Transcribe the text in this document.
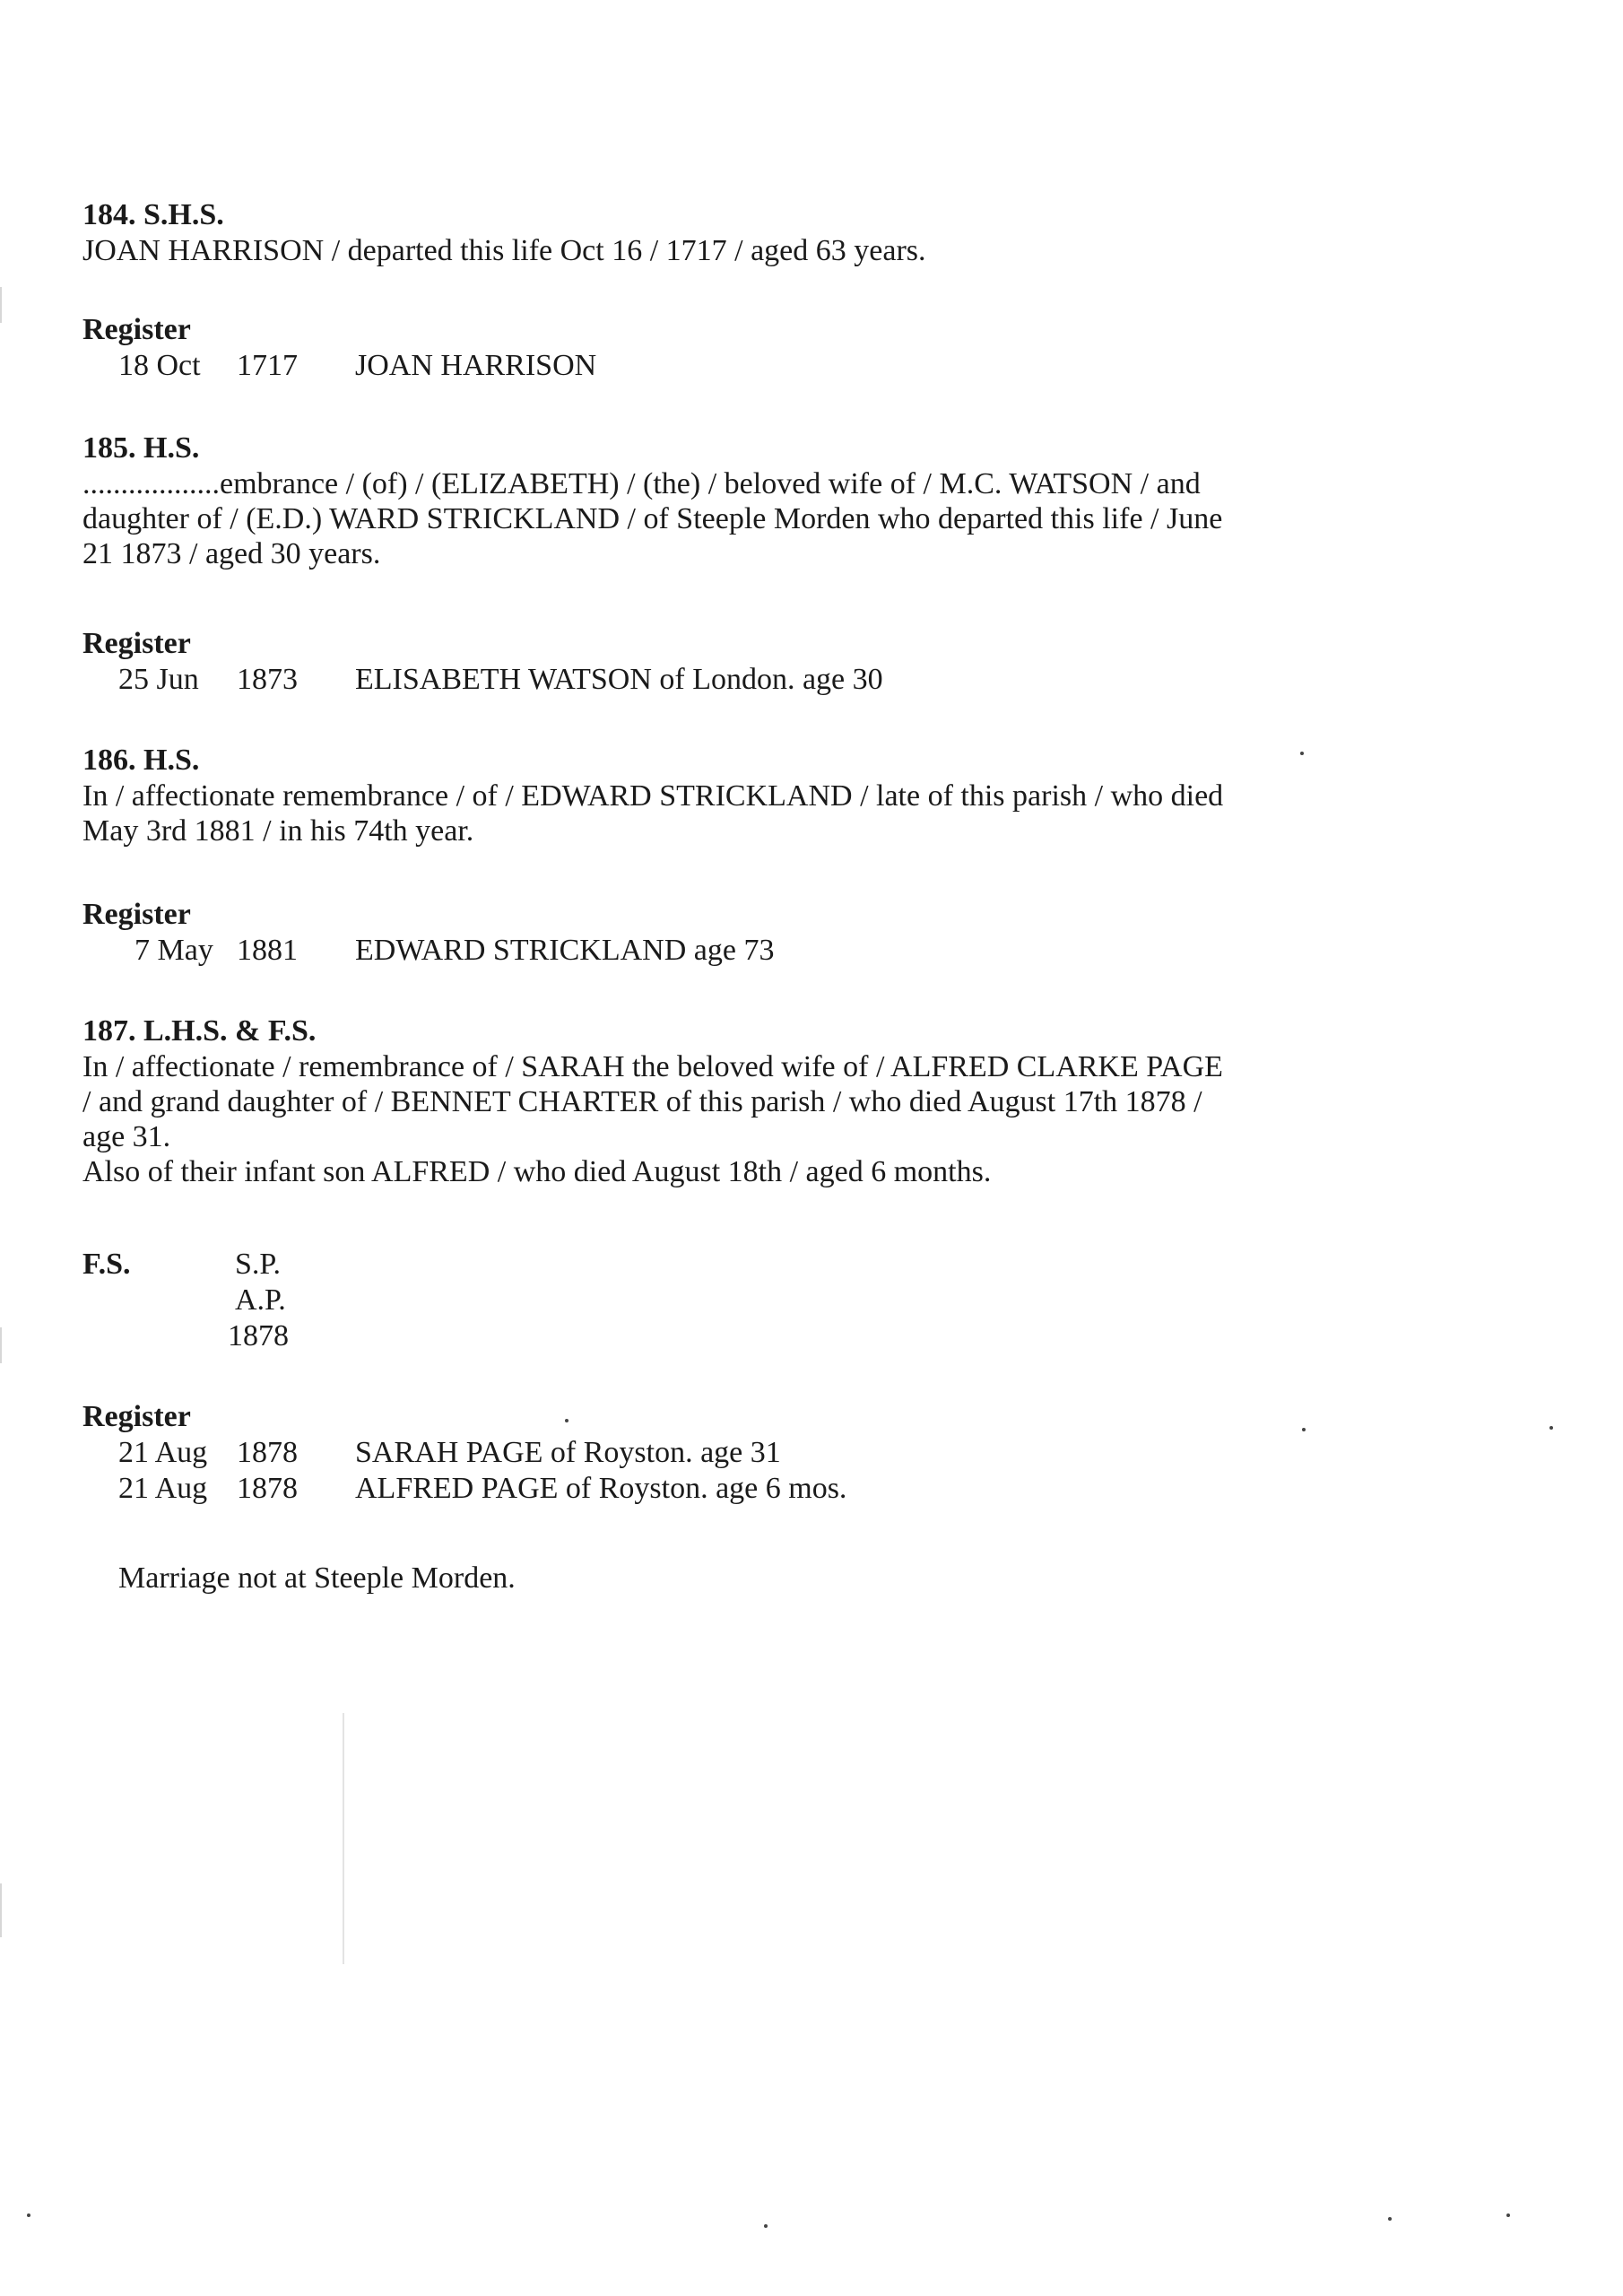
184. S.H.S.

JOAN HARRISON / departed this life Oct 16 / 1717 / aged 63 years.

Register

18 Oct 1717 JOAN HARRISON

185. H.S.

..................embrance / (of) / (ELIZABETH) / (the) / beloved wife of / M.C. WATSON / and

daughter of / (E.D.) WARD STRICKLAND / of Steeple Morden who departed this life / June

21 1873 / aged 30 years.

Register

25 Jun 1873 ELISABETH WATSON of London. age 30

186. H.S.

In / affectionate remembrance / of / EDWARD STRICKLAND / late of this parish / who died

May 3rd 1881 / in his 74th year.

Register

7 May 1881 EDWARD STRICKLAND age 73

187. L.H.S. & F.S.

In / affectionate / remembrance of / SARAH the beloved wife of / ALFRED CLARKE PAGE

/ and grand daughter of / BENNET CHARTER of this parish / who died August 17th 1878 /

age 31.

Also of their infant son ALFRED / who died August 18th / aged 6 months.

F.S.	S.P.
A.P.
1878

Register

21 Aug 1878 SARAH PAGE of Royston. age 31
21 Aug 1878 ALFRED PAGE of Royston. age 6 mos.
Marriage not at Steeple Morden.
